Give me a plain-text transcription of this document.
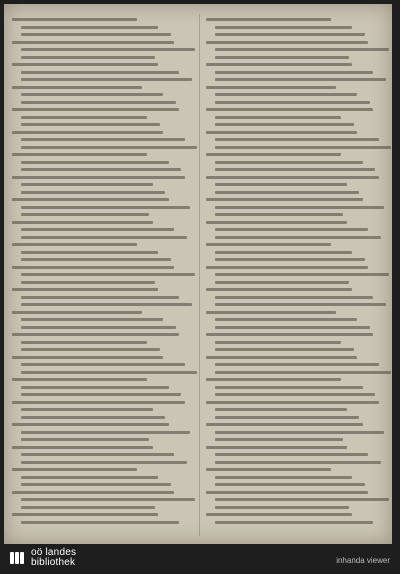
oö landes
bibliothek	inhanda viewer
